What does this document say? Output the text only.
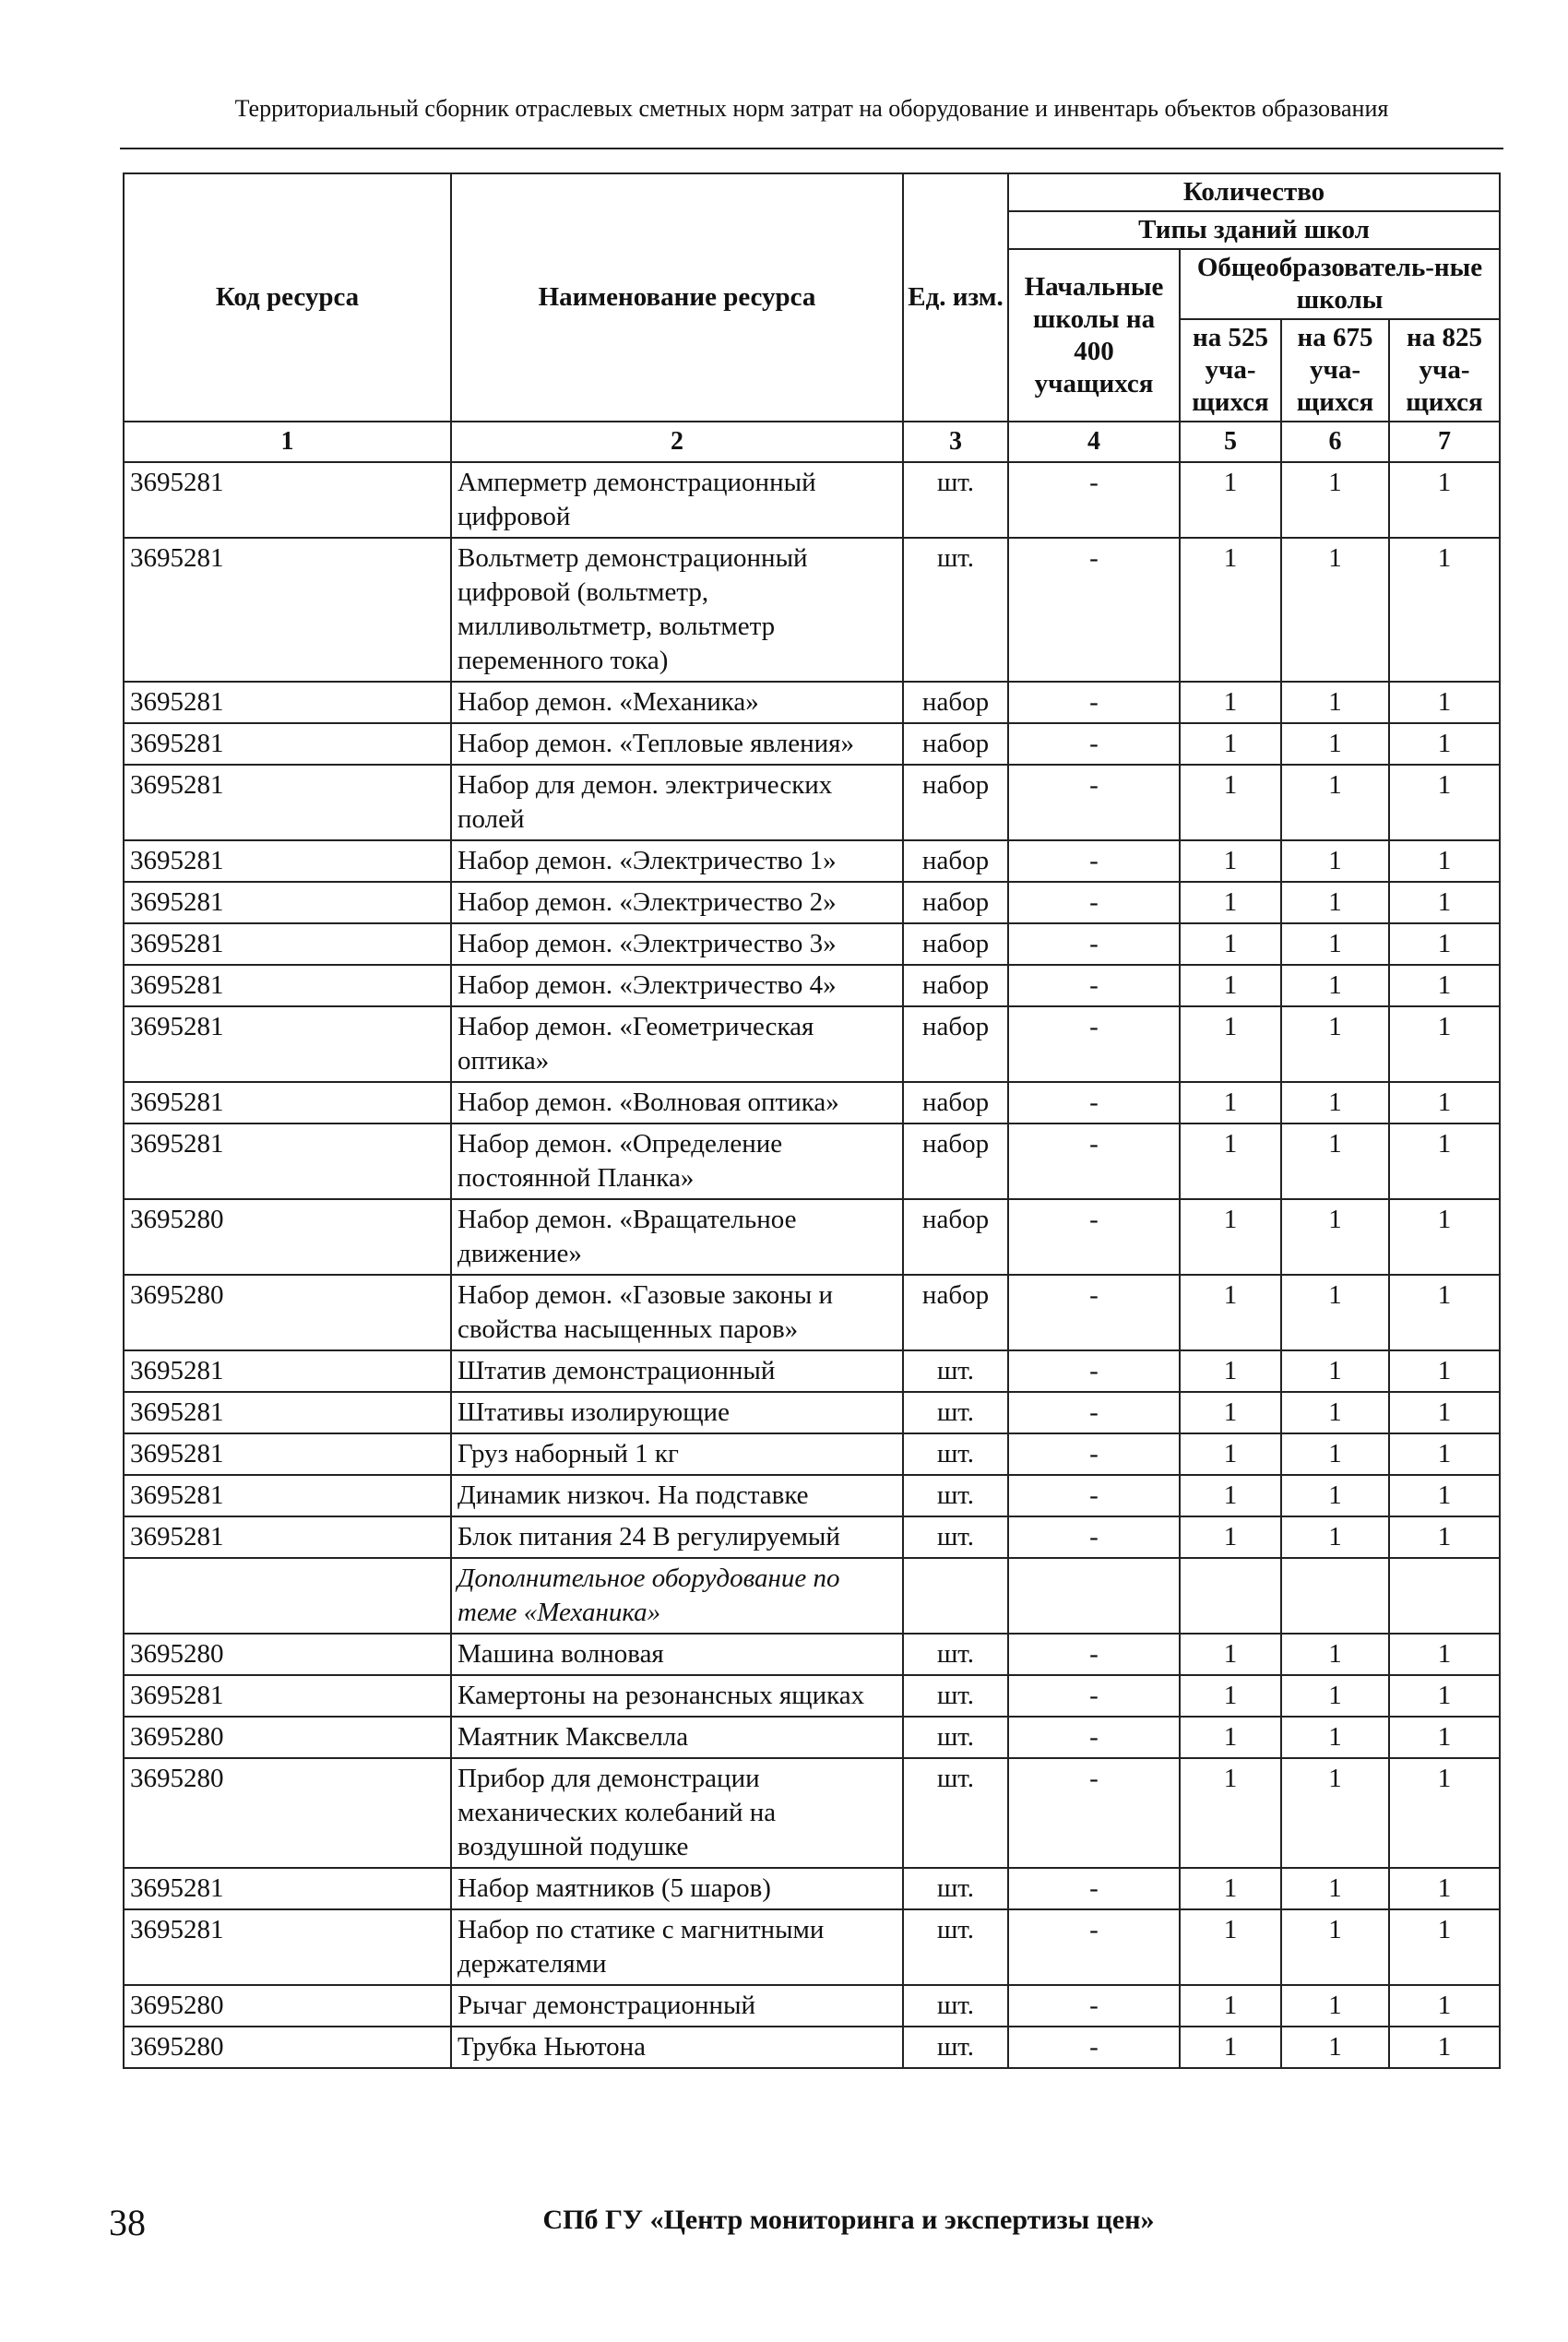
Территориальный сборник отраслевых сметных норм затрат на оборудование и инвентарь объектов образования
Код ресурса	Наименование ресурса	Ед. изм.	Количество			
			Типы зданий школ			
			Начальные школы на 400 учащихся	Общеобразователь-ные школы		
				на 525 уча-щихся	на 675 уча-щихся	на 825 уча-щихся
1	2	3	4	5	6	7
3695281	Амперметр демонстрационный цифровой	шт.	-	1	1	1
3695281	Вольтметр демонстрационный цифровой (вольтметр, милливольтметр, вольтметр переменного тока)	шт.	-	1	1	1
3695281	Набор демон. «Механика»	набор	-	1	1	1
3695281	Набор демон. «Тепловые явления»	набор	-	1	1	1
3695281	Набор для демон. электрических полей	набор	-	1	1	1
3695281	Набор демон. «Электричество 1»	набор	-	1	1	1
3695281	Набор демон. «Электричество 2»	набор	-	1	1	1
3695281	Набор демон. «Электричество 3»	набор	-	1	1	1
3695281	Набор демон. «Электричество 4»	набор	-	1	1	1
3695281	Набор демон. «Геометрическая оптика»	набор	-	1	1	1
3695281	Набор демон. «Волновая оптика»	набор	-	1	1	1
3695281	Набор демон. «Определение постоянной Планка»	набор	-	1	1	1
3695280	Набор демон. «Вращательное движение»	набор	-	1	1	1
3695280	Набор демон. «Газовые законы и свойства насыщенных паров»	набор	-	1	1	1
3695281	Штатив демонстрационный	шт.	-	1	1	1
3695281	Штативы изолирующие	шт.	-	1	1	1
3695281	Груз наборный 1 кг	шт.	-	1	1	1
3695281	Динамик низкоч. На подставке	шт.	-	1	1	1
3695281	Блок питания 24 В регулируемый	шт.	-	1	1	1
	Дополнительное оборудование по теме «Механика»					
3695280	Машина волновая	шт.	-	1	1	1
3695281	Камертоны на резонансных ящиках	шт.	-	1	1	1
3695280	Маятник Максвелла	шт.	-	1	1	1
3695280	Прибор для демонстрации механических колебаний на воздушной подушке	шт.	-	1	1	1
3695281	Набор маятников (5 шаров)	шт.	-	1	1	1
3695281	Набор по статике с магнитными держателями	шт.	-	1	1	1
3695280	Рычаг демонстрационный	шт.	-	1	1	1
3695280	Трубка Ньютона	шт.	-	1	1	1
38	СПб ГУ «Центр мониторинга и экспертизы цен»
